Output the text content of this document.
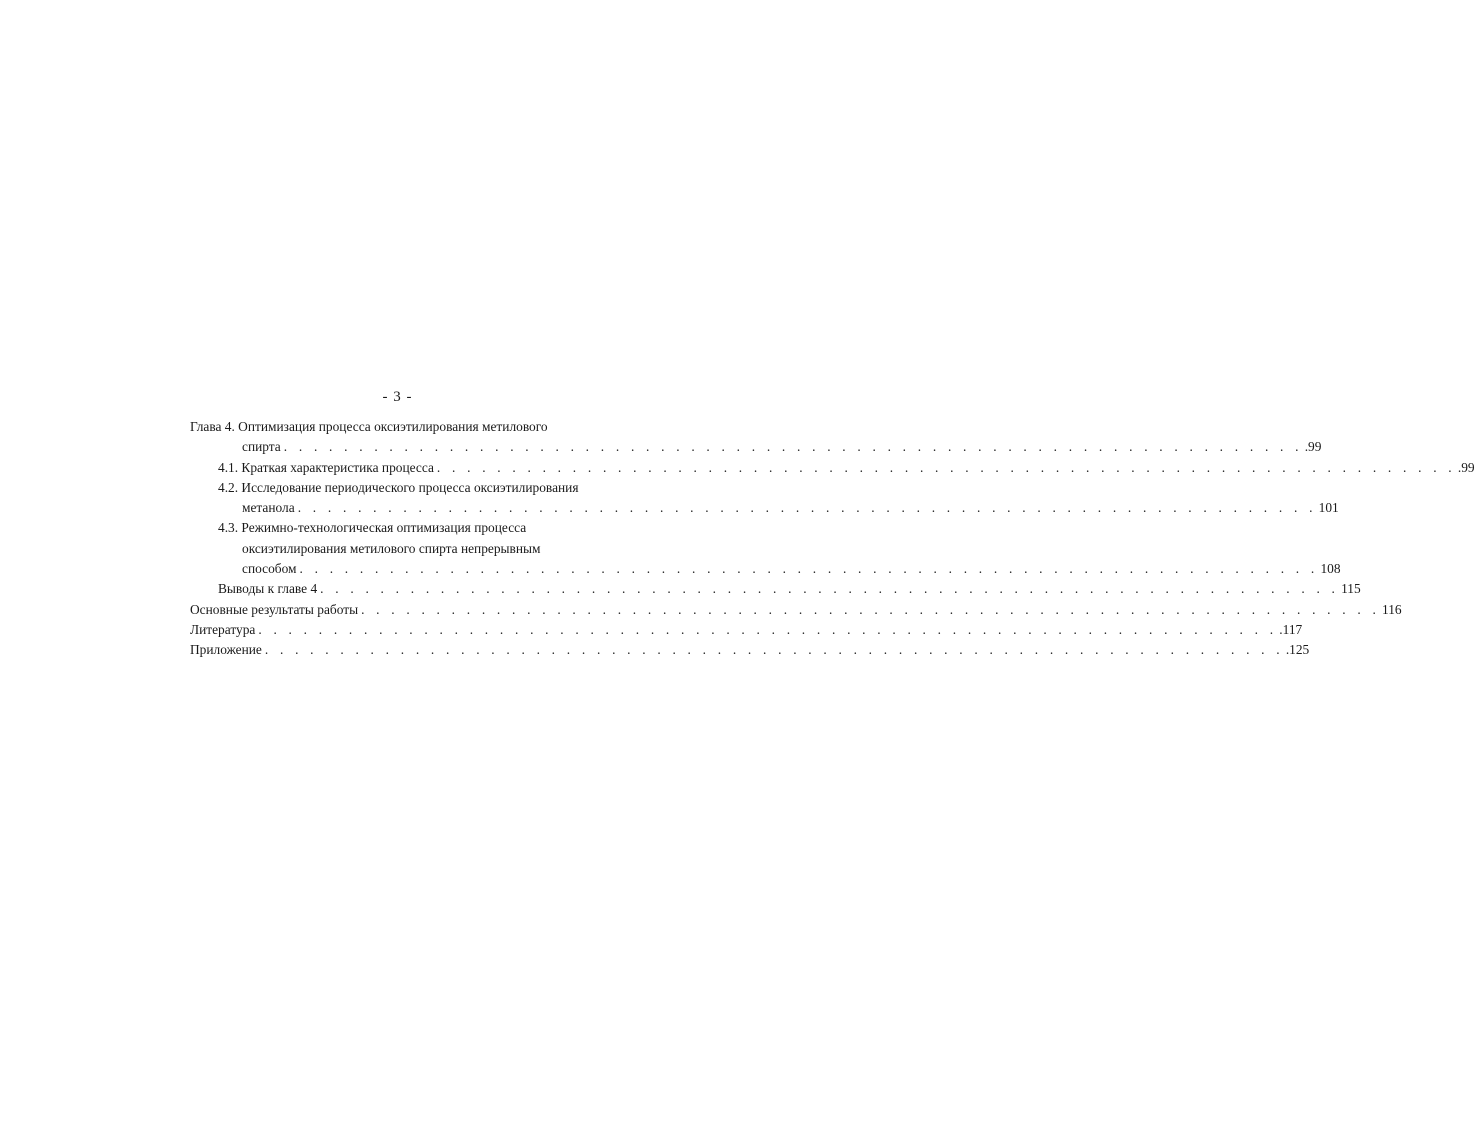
- 3 -
Глава 4. Оптимизация процесса оксиэтилирования метилового
спирта . . . . . . . . . . . . . . . . . . . . . . . . . . . . . . . . . . . . . . . . . . . . . . . . . . . . . . . . . . . . . . . . . . . . .99
4.1. Краткая характеристика процесса . . . . . . . . . . . . . . . . . . . . . . . . . . . . . . . . . . . . . . . . . . . . . . . . . . . . . . . . . . . . . . . . . . . . .99
4.2. Исследование периодического процесса оксиэтилирования
метанола . . . . . . . . . . . . . . . . . . . . . . . . . . . . . . . . . . . . . . . . . . . . . . . . . . . . . . . . . . . . . . . . . . . . 101
4.3. Режимно-технологическая оптимизация процесса
оксиэтилирования метилового спирта непрерывным
способом . . . . . . . . . . . . . . . . . . . . . . . . . . . . . . . . . . . . . . . . . . . . . . . . . . . . . . . . . . . . . . . . . . . . 108
Выводы к главе 4 . . . . . . . . . . . . . . . . . . . . . . . . . . . . . . . . . . . . . . . . . . . . . . . . . . . . . . . . . . . . . . . . . . . . 115
Основные результаты работы . . . . . . . . . . . . . . . . . . . . . . . . . . . . . . . . . . . . . . . . . . . . . . . . . . . . . . . . . . . . . . . . . . . . 116
Литература . . . . . . . . . . . . . . . . . . . . . . . . . . . . . . . . . . . . . . . . . . . . . . . . . . . . . . . . . . . . . . . . . . . . .117
Приложение . . . . . . . . . . . . . . . . . . . . . . . . . . . . . . . . . . . . . . . . . . . . . . . . . . . . . . . . . . . . . . . . . . . . .125
